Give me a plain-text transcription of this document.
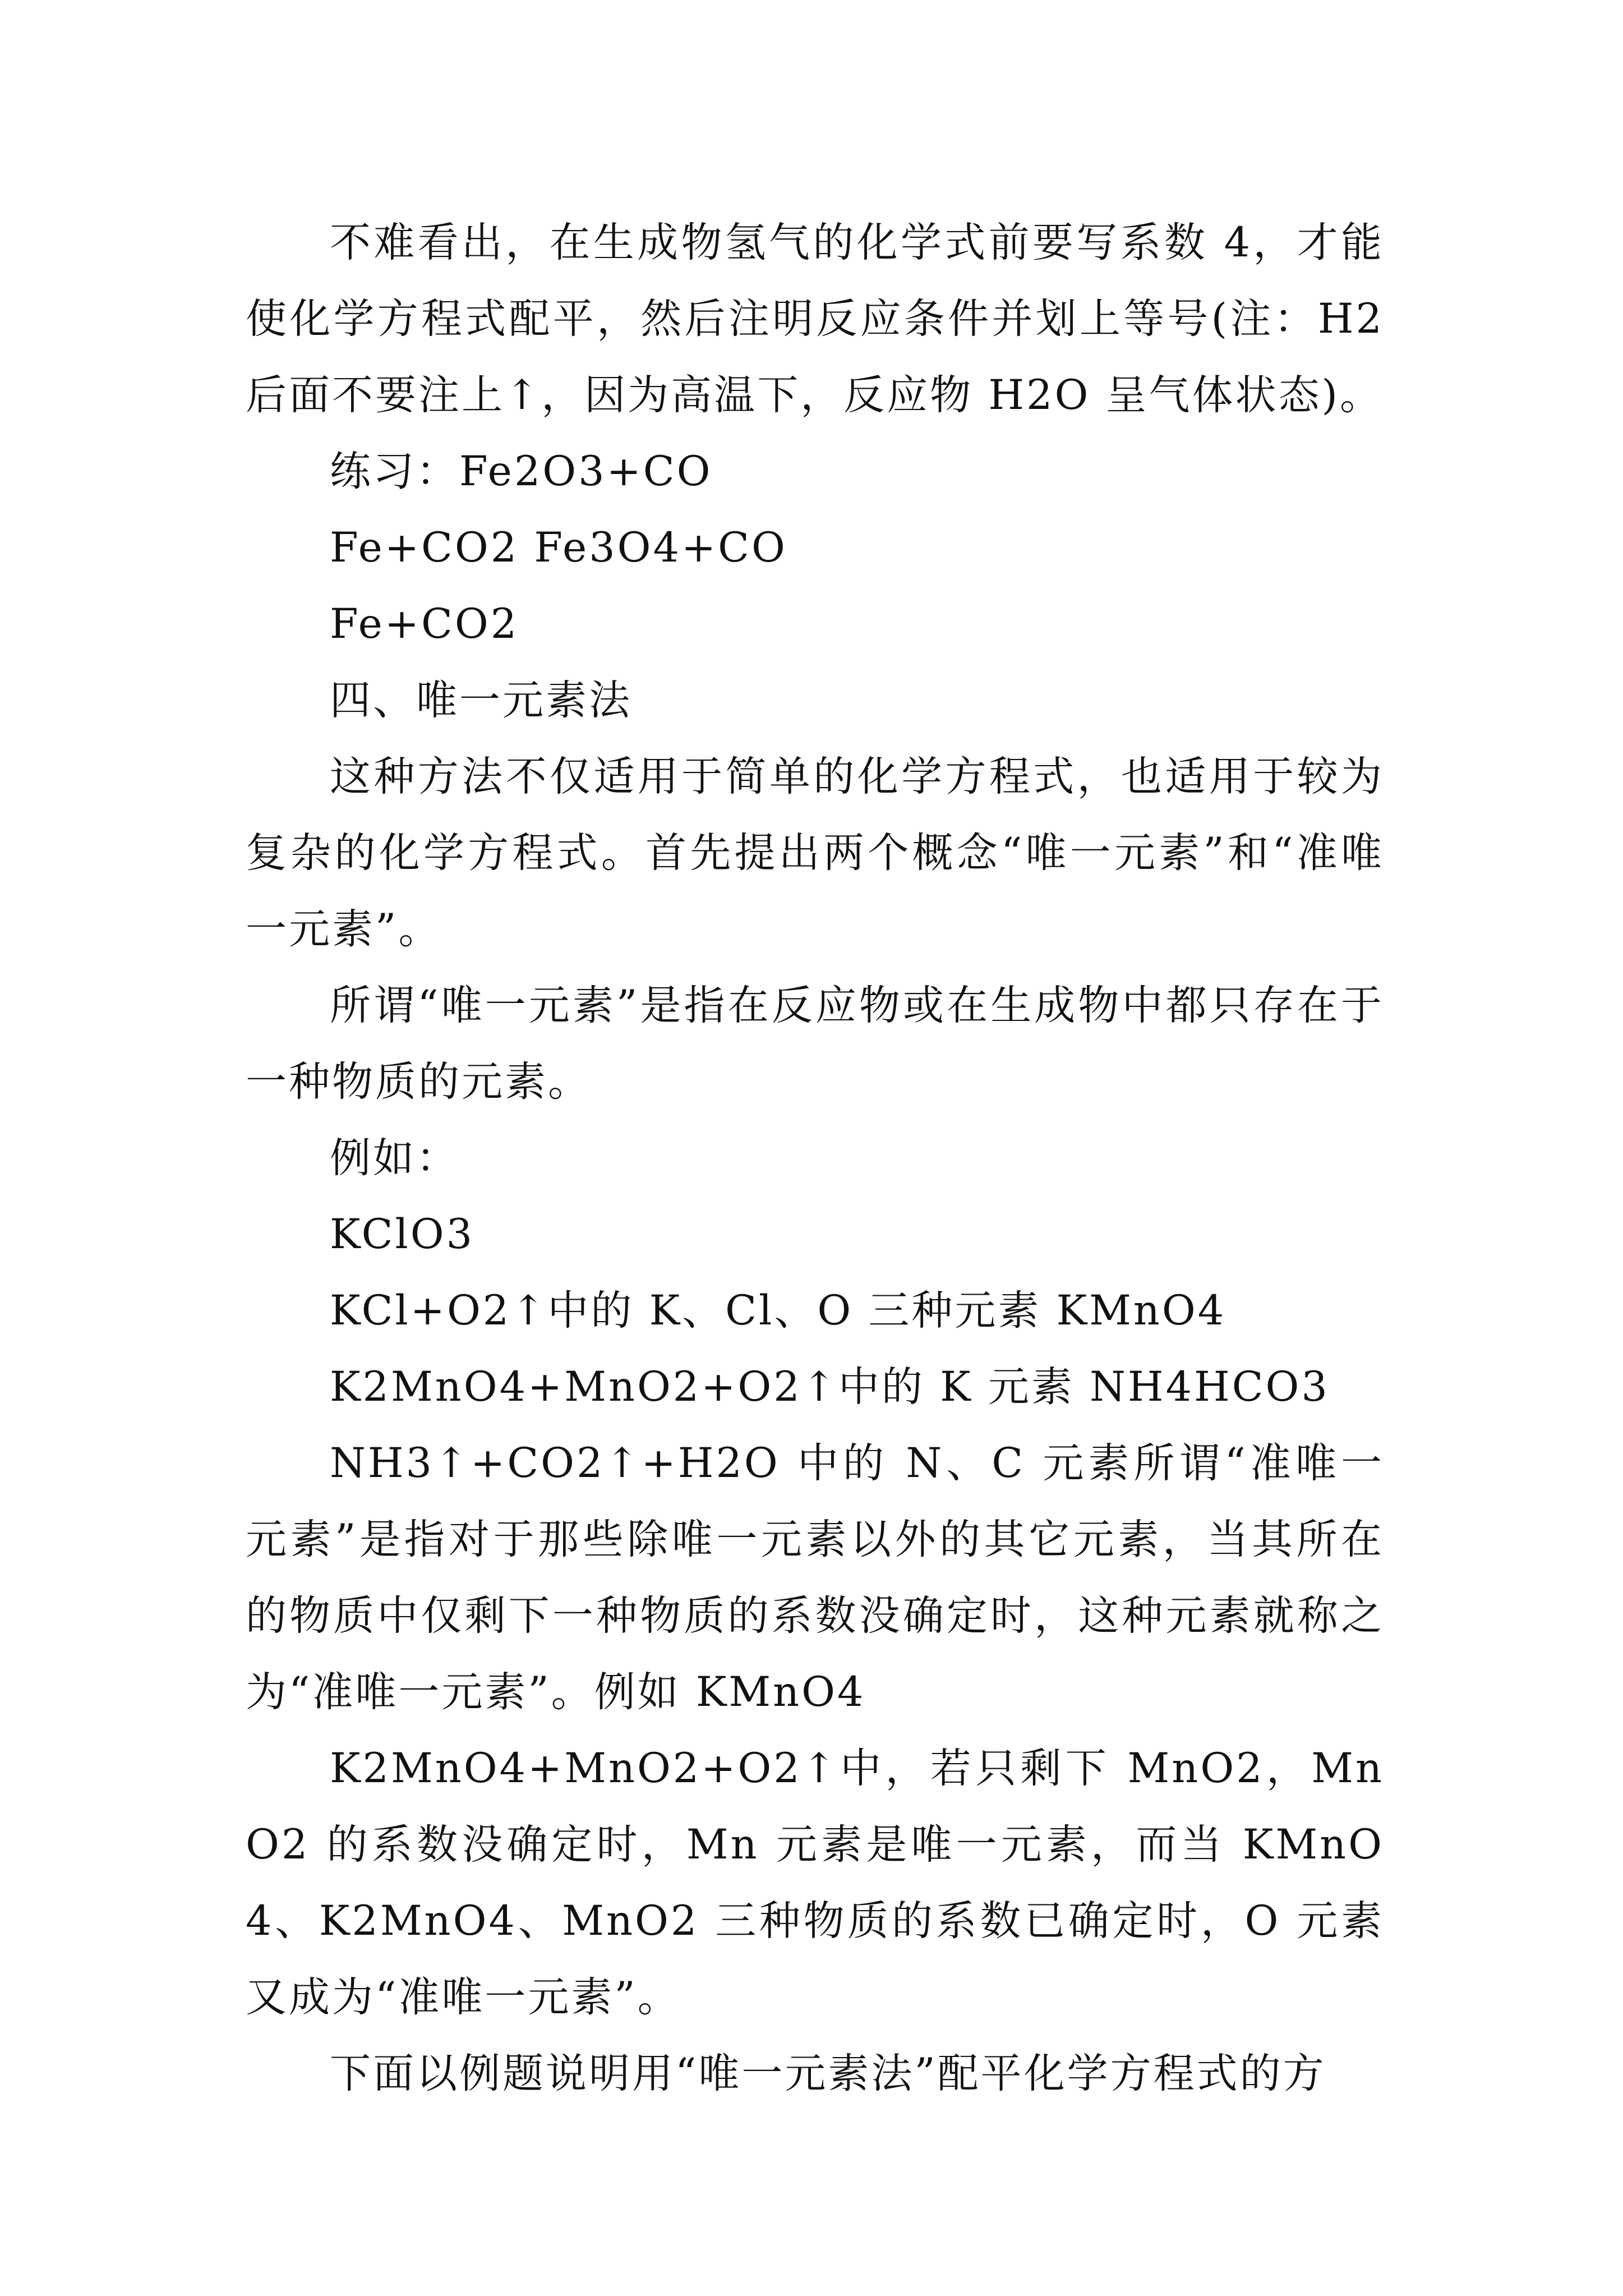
不难看出，在生成物氢气的化学式前要写系数 4，才能使化学方程式配平，然后注明反应条件并划上等号(注：H2 后面不要注上↑，因为高温下，反应物 H2O 呈气体状态)。

练习：Fe2O3+CO

Fe+CO2 Fe3O4+CO

Fe+CO2

四、唯一元素法

这种方法不仅适用于简单的化学方程式，也适用于较为复杂的化学方程式。首先提出两个概念“唯一元素”和“准唯一元素”。

所谓“唯一元素”是指在反应物或在生成物中都只存在于一种物质的元素。

例如：

KClO3

KCl+O2↑中的 K、Cl、O 三种元素 KMnO4

K2MnO4+MnO2+O2↑中的 K 元素 NH4HCO3

NH3↑+CO2↑+H2O 中的 N、C 元素所谓“准唯一元素”是指对于那些除唯一元素以外的其它元素，当其所在的物质中仅剩下一种物质的系数没确定时，这种元素就称之为“准唯一元素”。例如 KMnO4

K2MnO4+MnO2+O2↑中，若只剩下 MnO2，MnO2 的系数没确定时，Mn 元素是唯一元素，而当 KMnO4、K2MnO4、MnO2 三种物质的系数已确定时，O 元素又成为“准唯一元素”。

下面以例题说明用“唯一元素法”配平化学方程式的方
